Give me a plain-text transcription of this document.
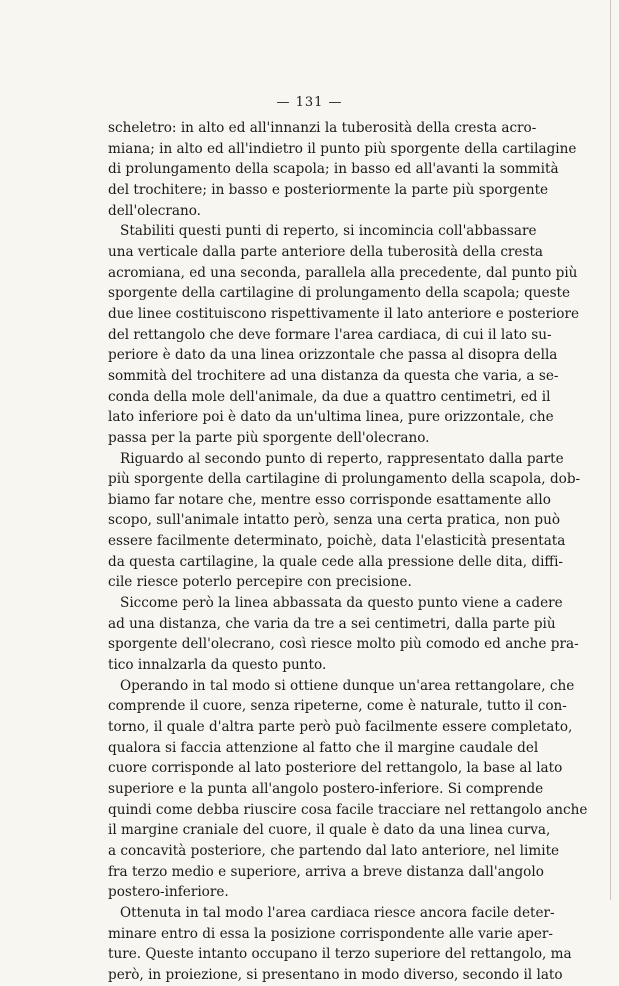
— 131 —
scheletro: in alto ed all'innanzi la tuberosità della cresta acro-
miana; in alto ed all'indietro il punto più sporgente della cartilagine
di prolungamento della scapola; in basso ed all'avanti la sommità
del trochitere; in basso e posteriormente la parte più sporgente
dell'olecrano.
Stabiliti questi punti di reperto, si incomincia coll'abbassare
una verticale dalla parte anteriore della tuberosità della cresta
acromiana, ed una seconda, parallela alla precedente, dal punto più
sporgente della cartilagine di prolungamento della scapola; queste
due linee costituiscono rispettivamente il lato anteriore e posteriore
del rettangolo che deve formare l'area cardiaca, di cui il lato su-
periore è dato da una linea orizzontale che passa al disopra della
sommità del trochitere ad una distanza da questa che varia, a se-
conda della mole dell'animale, da due a quattro centimetri, ed il
lato inferiore poi è dato da un'ultima linea, pure orizzontale, che
passa per la parte più sporgente dell'olecrano.
Riguardo al secondo punto di reperto, rappresentato dalla parte
più sporgente della cartilagine di prolungamento della scapola, dob-
biamo far notare che, mentre esso corrisponde esattamente allo
scopo, sull'animale intatto però, senza una certa pratica, non può
essere facilmente determinato, poichè, data l'elasticità presentata
da questa cartilagine, la quale cede alla pressione delle dita, diffi-
cile riesce poterlo percepire con precisione.
Siccome però la linea abbassata da questo punto viene a cadere
ad una distanza, che varia da tre a sei centimetri, dalla parte più
sporgente dell'olecrano, così riesce molto più comodo ed anche pra-
tico innalzarla da questo punto.
Operando in tal modo si ottiene dunque un'area rettangolare, che
comprende il cuore, senza ripeterne, come è naturale, tutto il con-
torno, il quale d'altra parte però può facilmente essere completato,
qualora si faccia attenzione al fatto che il margine caudale del
cuore corrisponde al lato posteriore del rettangolo, la base al lato
superiore e la punta all'angolo postero-inferiore. Si comprende
quindi come debba riuscire cosa facile tracciare nel rettangolo anche
il margine craniale del cuore, il quale è dato da una linea curva,
a concavità posteriore, che partendo dal lato anteriore, nel limite
fra terzo medio e superiore, arriva a breve distanza dall'angolo
postero-inferiore.
Ottenuta in tal modo l'area cardiaca riesce ancora facile deter-
minare entro di essa la posizione corrispondente alle varie aper-
ture. Queste intanto occupano il terzo superiore del rettangolo, ma
però, in proiezione, si presentano in modo diverso, secondo il lato
